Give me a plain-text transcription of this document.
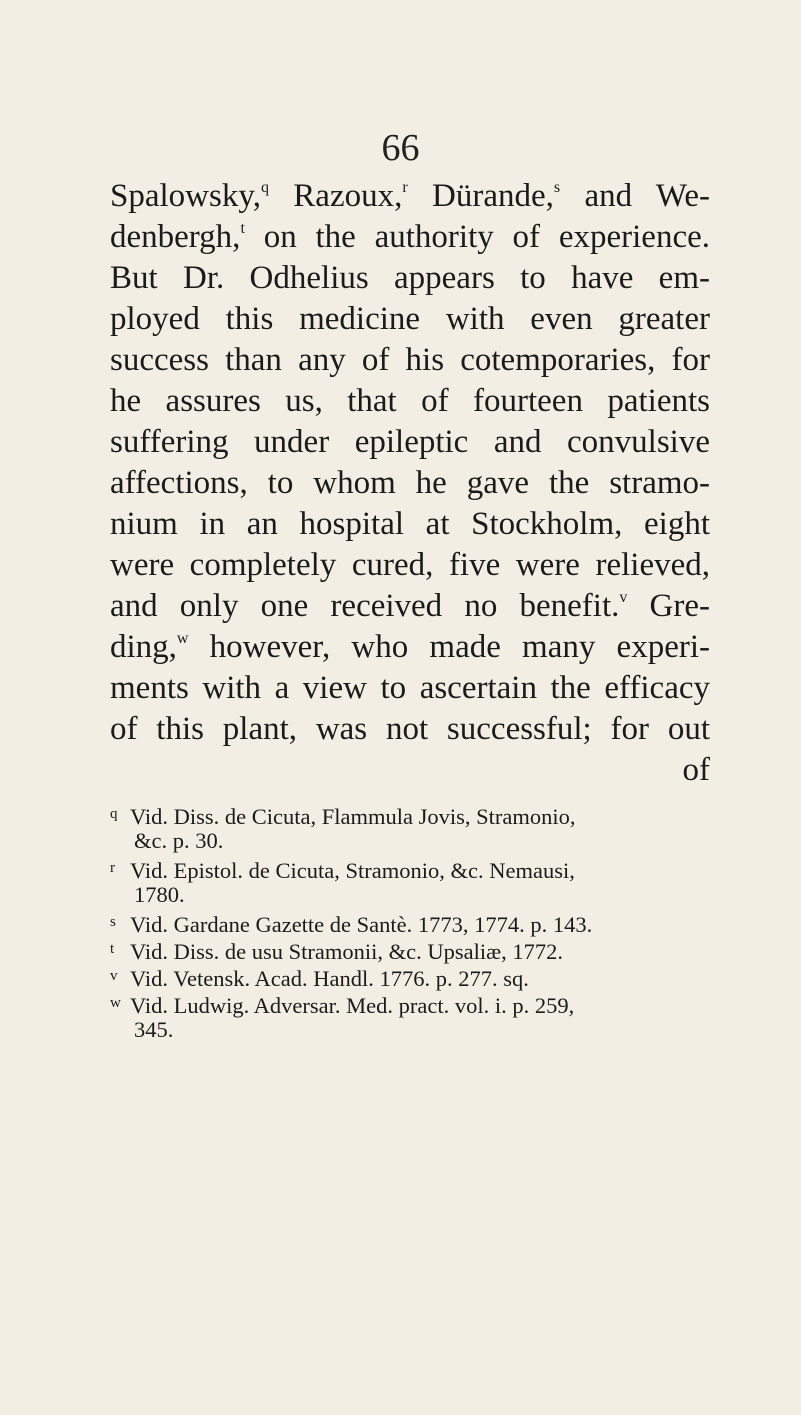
66
Spalowsky,$^q$ Razoux,$^r$ Dürande,$^s$ and We-
denbergh,$^t$ on the authority of experience.
But Dr. Odhelius appears to have em-
ployed this medicine with even greater
success than any of his cotemporaries, for
he assures us, that of fourteen patients
suffering under epileptic and convulsive
affections, to whom he gave the stramo-
nium in an hospital at Stockholm, eight
were completely cured, five were relieved,
and only one received no benefit.$^v$ Gre-
ding,$^w$ however, who made many experi-
ments with a view to ascertain the efficacy
of this plant, was not successful; for out
of
q Vid. Diss. de Cicuta, Flammula Jovis, Stramonio,
&c. p. 30.
r Vid. Epistol. de Cicuta, Stramonio, &c. Nemausi,
1780.
s Vid. Gardane Gazette de Santè. 1773, 1774. p. 143.
t Vid. Diss. de usu Stramonii, &c. Upsaliæ, 1772.
v Vid. Vetensk. Acad. Handl. 1776. p. 277. sq.
w Vid. Ludwig. Adversar. Med. pract. vol. i. p. 259,
345.
